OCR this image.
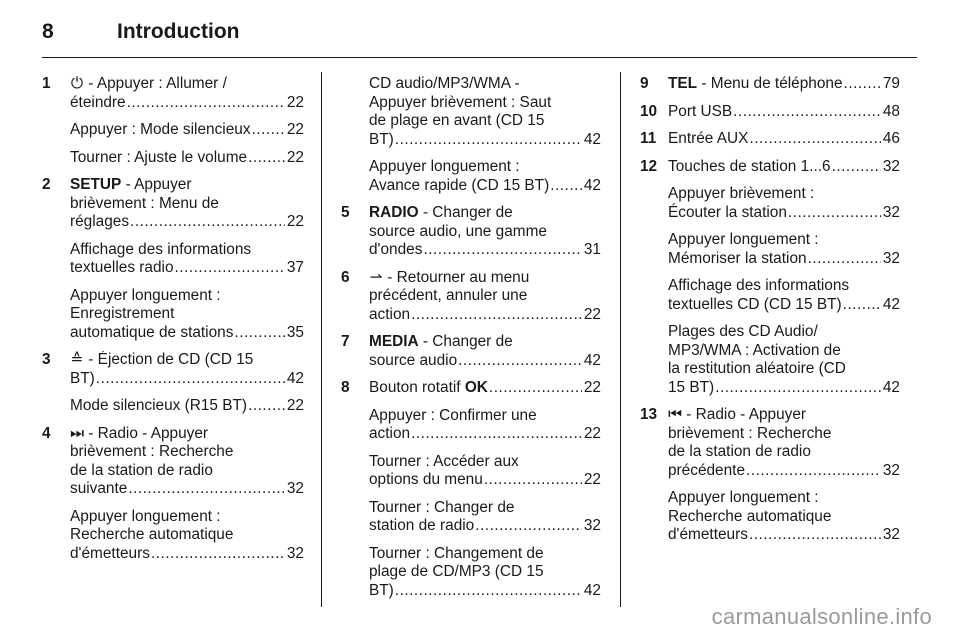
8	Introduction
1	⏻ - Appuyer : Allumer /
éteindre .....	22
Appuyer : Mode silencieux ..... 22
Tourner : Ajuste le volume .....	22
2	SETUP - Appuyer
brièvement : Menu de
réglages .....	22
Affichage des informations
textuelles radio .....	37
Appuyer longuement :
Enregistrement
automatique de stations .....	35
3	≙ - Éjection de CD (CD 15
BT) .....	42
Mode silencieux (R15 BT) .....	22
4	⏭ - Radio - Appuyer
brièvement : Recherche
de la station de radio
suivante .....	32
Appuyer longuement :
Recherche automatique
d'émetteurs .....	32
CD audio/MP3/WMA -
Appuyer brièvement : Saut
de plage en avant (CD 15
BT) .....	42
Appuyer longuement :
Avance rapide (CD 15 BT) ..... 42
5	RADIO - Changer de
source audio, une gamme
d'ondes .....	31
6	⇀ - Retourner au menu
précédent, annuler une
action .....	22
7	MEDIA - Changer de
source audio .....	42
8	Bouton rotatif OK .....	22
Appuyer : Confirmer une
action .....	22
Tourner : Accéder aux
options du menu .....	22
Tourner : Changer de
station de radio .....	32
Tourner : Changement de
plage de CD/MP3 (CD 15
BT) .....	42
9	TEL - Menu de téléphone .....	79
10 Port USB .....	48
11 Entrée AUX .....	46
12 Touches de station 1...6 .....	32
Appuyer brièvement :
Écouter la station .....	32
Appuyer longuement :
Mémoriser la station .....	32
Affichage des informations
textuelles CD (CD 15 BT) .....	42
Plages des CD Audio/
MP3/WMA : Activation de
la restitution aléatoire (CD
15 BT) .....	42
13 ⏮ - Radio - Appuyer
brièvement : Recherche
de la station de radio
précédente .....	32
Appuyer longuement :
Recherche automatique
d'émetteurs .....	32
carmanualsonline.info
